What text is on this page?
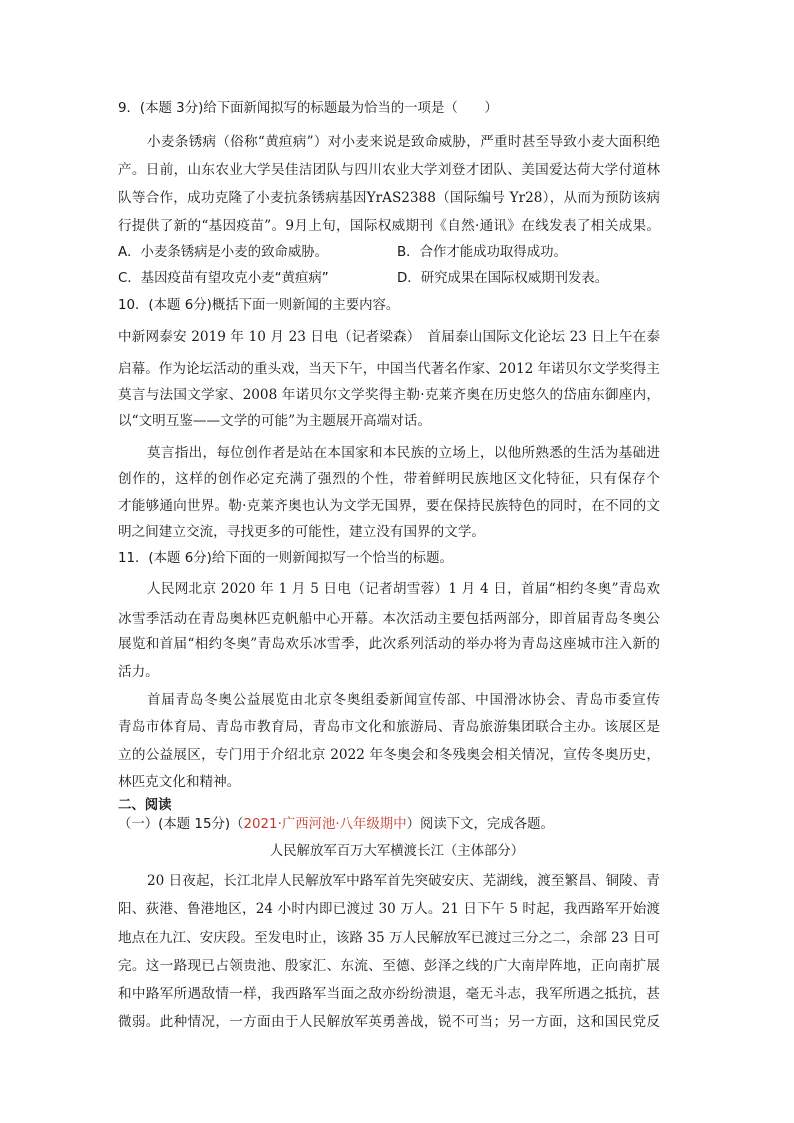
9．(本题 3分)给下面新闻拟写的标题最为恰当的一项是（　　）
小麦条锈病（俗称“黄疸病”）对小麦来说是致命威胁，严重时甚至导致小麦大面积绝
产。日前，山东农业大学吴佳洁团队与四川农业大学刘登才团队、美国爱达荷大学付道林
队等合作，成功克隆了小麦抗条锈病基因YrAS2388（国际编号 Yr28），从而为预防该病
行提供了新的“基因疫苗”。9月上旬，国际权威期刊《自然·通讯》在线发表了相关成果。
A．小麦条锈病是小麦的致命威胁。	B．合作才能成功取得成功。
C．基因疫苗有望攻克小麦“黄疸病”	D．研究成果在国际权威期刊发表。
10．(本题 6分)概括下面一则新闻的主要内容。
中新网泰安 2019 年 10 月 23 日电（记者梁森）　首届泰山国际文化论坛 23 日上午在泰
启幕。作为论坛活动的重头戏，当天下午，中国当代著名作家、2012 年诺贝尔文学奖得主
莫言与法国文学家、2008 年诺贝尔文学奖得主勒·克莱齐奥在历史悠久的岱庙东御座内，
以“文明互鉴——文学的可能”为主题展开高端对话。
莫言指出，每位创作者是站在本国家和本民族的立场上，以他所熟悉的生活为基础进
创作的，这样的创作必定充满了强烈的个性，带着鲜明民族地区文化特征，只有保存个
才能够通向世界。勒·克莱齐奥也认为文学无国界，要在保持民族特色的同时，在不同的文
明之间建立交流，寻找更多的可能性，建立没有国界的文学。
11．(本题 6分)给下面的一则新闻拟写一个恰当的标题。
人民网北京 2020 年 1 月 5 日电（记者胡雪蓉）1 月 4 日，首届“相约冬奥”青岛欢
冰雪季活动在青岛奥林匹克帆船中心开幕。本次活动主要包括两部分，即首届青岛冬奥公
展览和首届“相约冬奥”青岛欢乐冰雪季，此次系列活动的举办将为青岛这座城市注入新的
活力。
首届青岛冬奥公益展览由北京冬奥组委新闻宣传部、中国滑冰协会、青岛市委宣传
青岛市体育局、青岛市教育局，青岛市文化和旅游局、青岛旅游集团联合主办。该展区是
立的公益展区，专门用于介绍北京 2022 年冬奥会和冬残奥会相关情况，宣传冬奥历史，
林匹克文化和精神。
二、阅读
（一）(本题 15分)（2021·广西河池·八年级期中）阅读下文，完成各题。
人民解放军百万大军横渡长江（主体部分）
20 日夜起，长江北岸人民解放军中路军首先突破安庆、芜湖线，渡至繁昌、铜陵、青
阳、荻港、鲁港地区，24 小时内即已渡过 30 万人。21 日下午 5 时起，我西路军开始渡
地点在九江、安庆段。至发电时止，该路 35 万人民解放军已渡过三分之二，余部 23 日可
完。这一路现已占领贵池、殷家汇、东流、至德、彭泽之线的广大南岸阵地，正向南扩展
和中路军所遇敌情一样，我西路军当面之敌亦纷纷溃退，毫无斗志，我军所遇之抵抗，甚
微弱。此种情况，一方面由于人民解放军英勇善战，锐不可当；另一方面，这和国民党反
